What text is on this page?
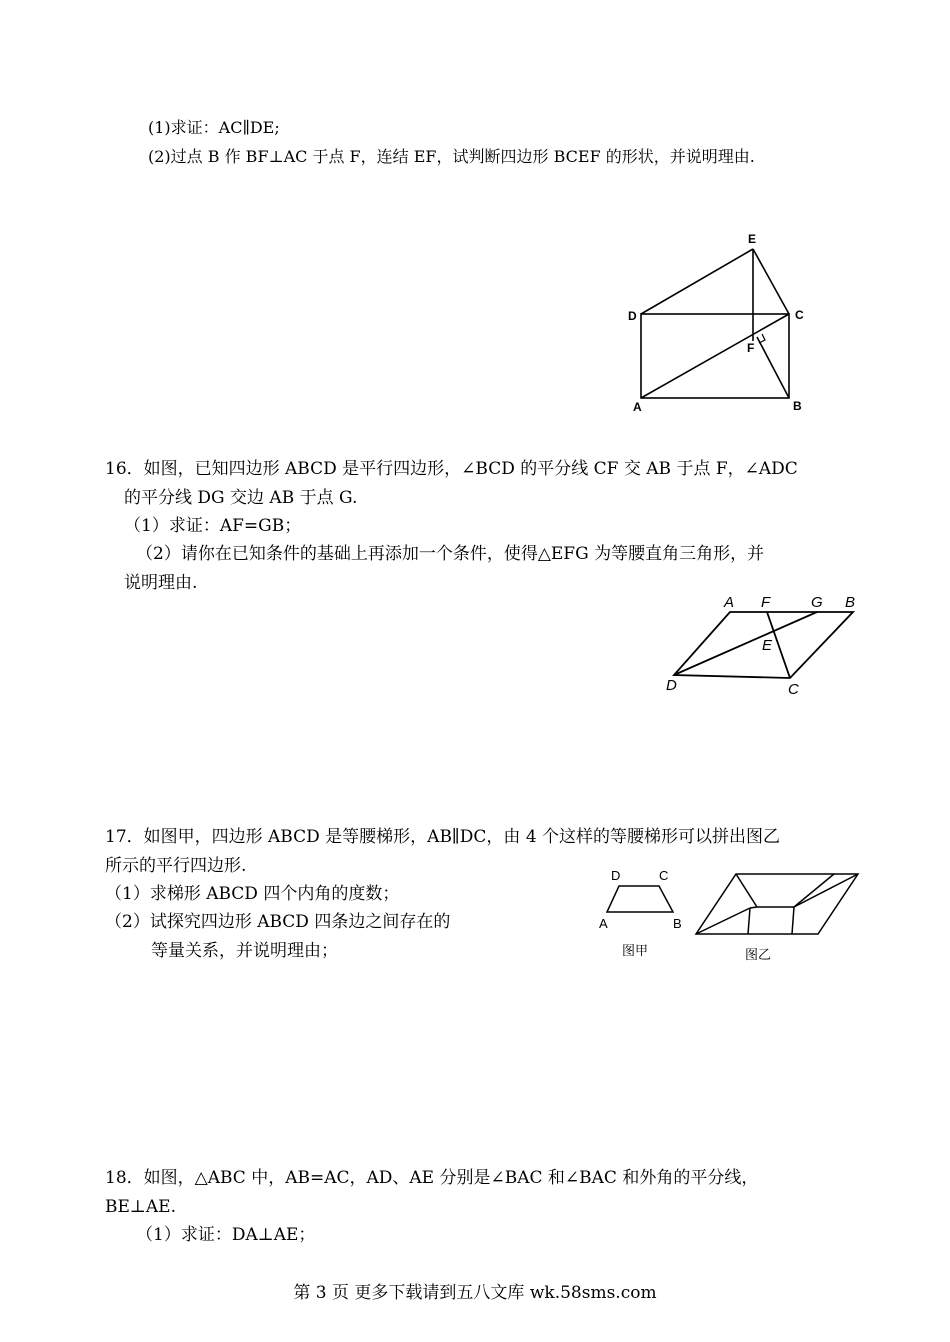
(1)求证：AC∥DE;
(2)过点 B 作 BF⊥AC 于点 F，连结 EF，试判断四边形 BCEF 的形状，并说明理由.
E
D	C
F
A	B
16．如图，已知四边形 ABCD 是平行四边形，∠BCD 的平分线 CF 交 AB 于点 F，∠ADC
的平分线 DG 交边 AB 于点 G.
（1）求证：AF=GB；
（2）请你在已知条件的基础上再添加一个条件，使得△EFG 为等腰直角三角形，并
说明理由.
A F	G B
E
D	C
17．如图甲，四边形 ABCD 是等腰梯形，AB∥DC，由 4 个这样的等腰梯形可以拼出图乙
所示的平行四边形.
（1）求梯形 ABCD 四个内角的度数；
（2）试探究四边形 ABCD 四条边之间存在的
等量关系，并说明理由；
D	C
A	B
图甲	图乙
18．如图，△ABC 中，AB=AC，AD、AE 分别是∠BAC 和∠BAC 和外角的平分线，
BE⊥AE.
（1）求证：DA⊥AE；
第 3 页 更多下载请到五八文库 wk.58sms.com
